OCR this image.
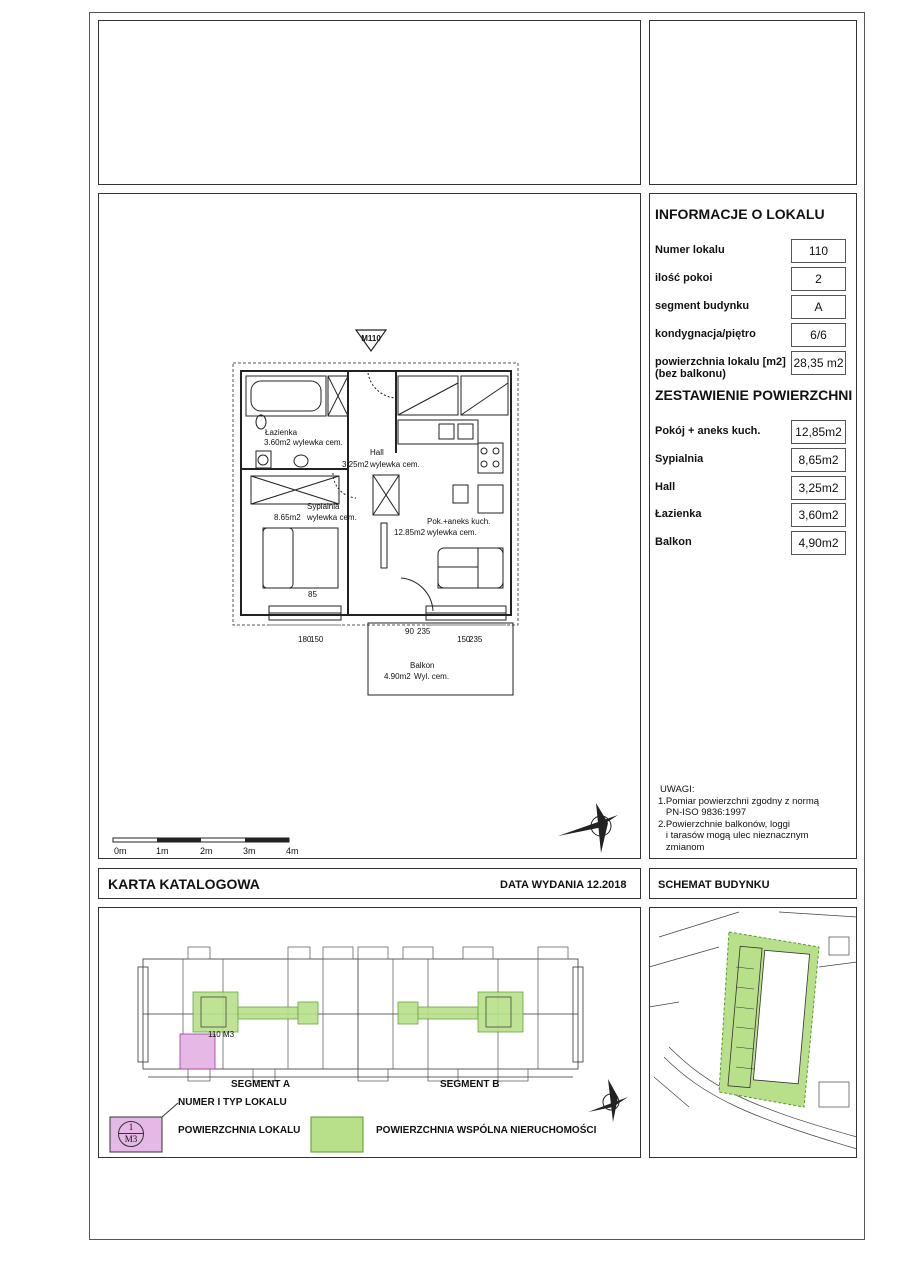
INFORMACJE O LOKALU
Numer lokalu	110
ilość pokoi	2
segment budynku	A
kondygnacja/piętro	6/6
powierzchnia lokalu [m2]
(bez balkonu)
28,35 m2
ZESTAWIENIE POWIERZCHNI
Pokój + aneks kuch.	12,85m2
Sypialnia	8,65m2
Hall	3,25m2
Łazienka	3,60m2
Balkon	4,90m2
UWAGI:
1.Pomiar powierzchni zgodny z normą
PN-ISO 9836:1997
2.Powierzchnie balkonów, loggi
i tarasów mogą ulec nieznacznym
zmianom
M110
Łazienka
3.60m2 wylewka cem.
Hall
3.25m2 wylewka cem.
Sypialnia
8.65m2 wylewka cem.	Pok.+aneks kuch.
12.85m2 wylewka cem.
Balkon
4.90m2 Wyl. cem.
85
180
150
90 235
150
235
0m	1m	2m	3m	4m
KARTA KATALOGOWA	DATA WYDANIA 12.2018	SCHEMAT BUDYNKU
110 M3
SEGMENT A	SEGMENT B
NUMER I TYP LOKALU
POWIERZCHNIA LOKALU	POWIERZCHNIA WSPÓLNA NIERUCHOMOŚCI
1
M3
